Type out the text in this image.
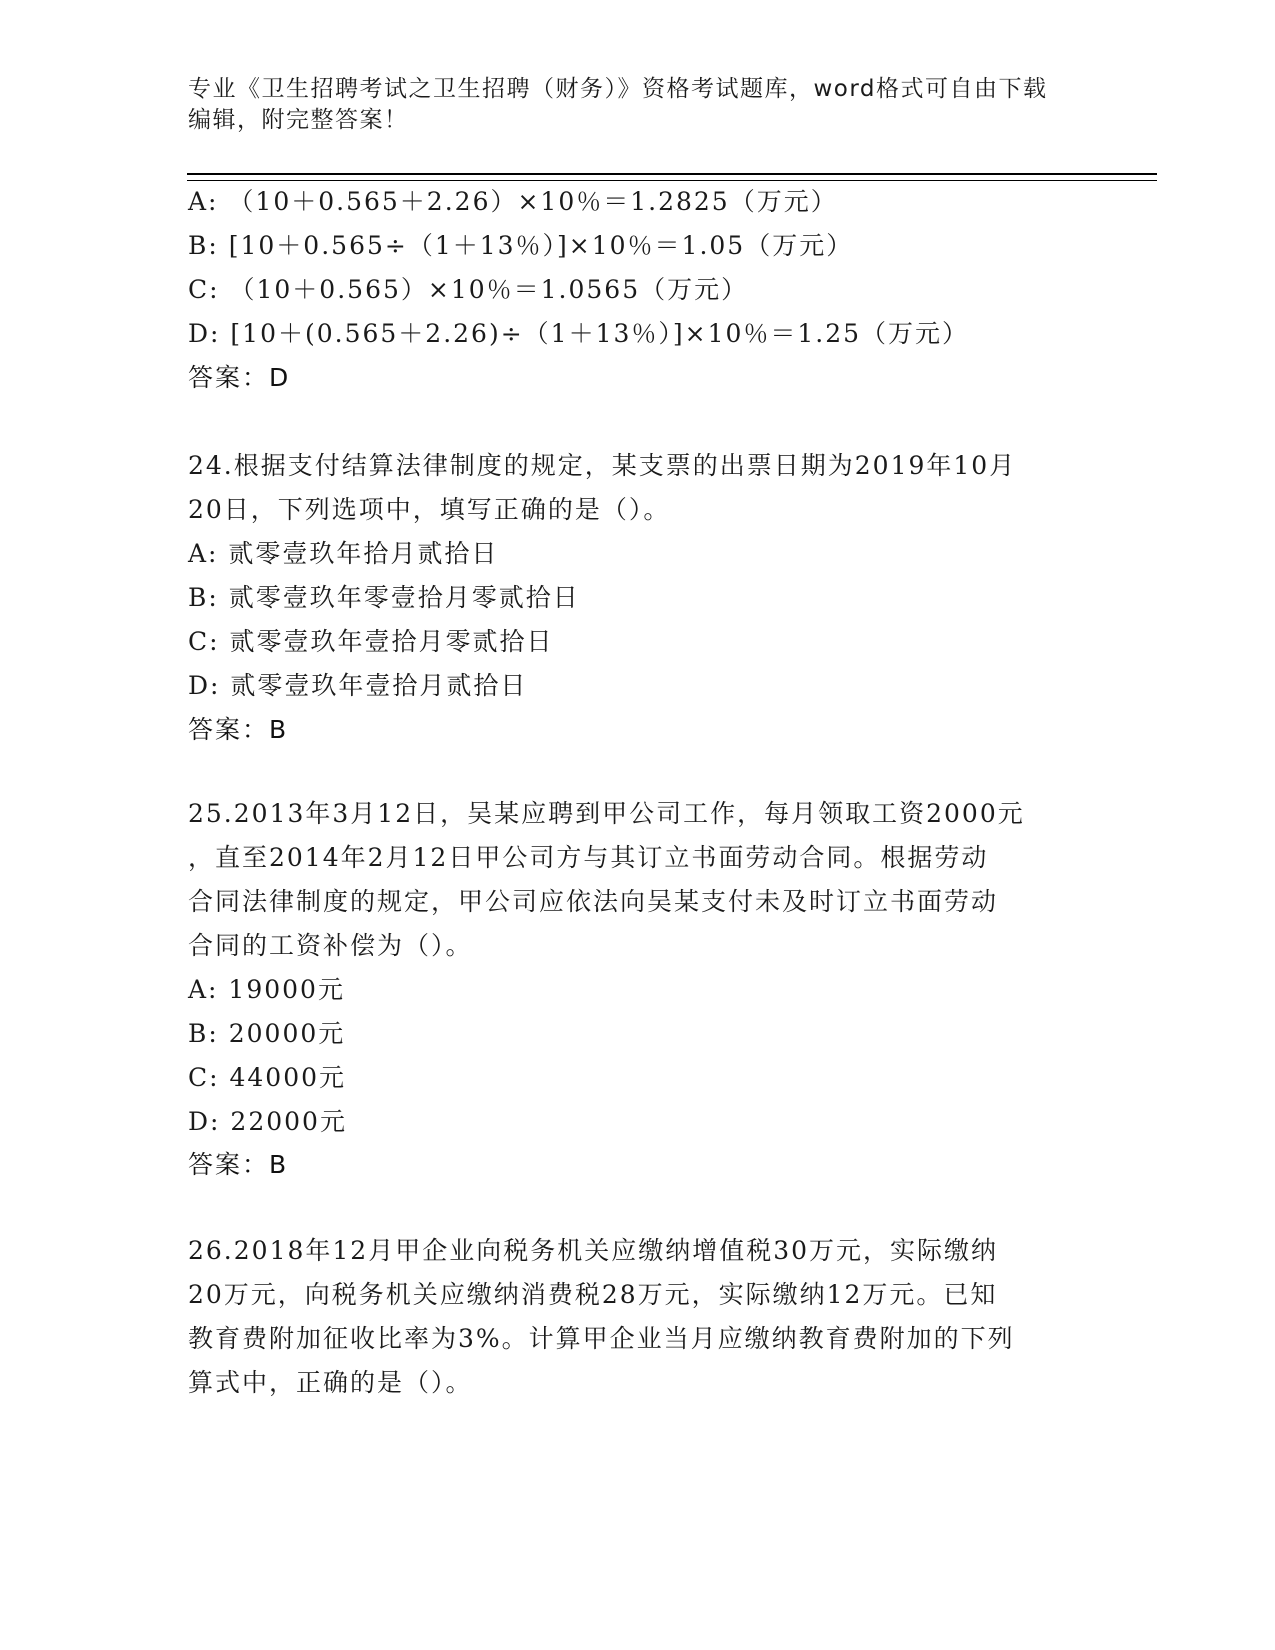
专业《卫生招聘考试之卫生招聘（财务）》资格考试题库，word格式可自由下载
编辑，附完整答案！
A: （10＋0.565＋2.26）×10％＝1.2825（万元）
B: [10＋0.565÷（1＋13％）]×10％＝1.05（万元）
C: （10＋0.565）×10％＝1.0565（万元）
D: [10＋(0.565＋2.26)÷（1＋13％）]×10％＝1.25（万元）
答案：D
24.根据支付结算法律制度的规定，某支票的出票日期为2019年10月
20日，下列选项中，填写正确的是（）。
A: 贰零壹玖年拾月贰拾日
B: 贰零壹玖年零壹拾月零贰拾日
C: 贰零壹玖年壹拾月零贰拾日
D: 贰零壹玖年壹拾月贰拾日
答案：B
25.2013年3月12日，吴某应聘到甲公司工作，每月领取工资2000元
，直至2014年2月12日甲公司方与其订立书面劳动合同。根据劳动
合同法律制度的规定，甲公司应依法向吴某支付未及时订立书面劳动
合同的工资补偿为（）。
A: 19000元
B: 20000元
C: 44000元
D: 22000元
答案：B
26.2018年12月甲企业向税务机关应缴纳增值税30万元，实际缴纳
20万元，向税务机关应缴纳消费税28万元，实际缴纳12万元。已知
教育费附加征收比率为3%。计算甲企业当月应缴纳教育费附加的下列
算式中，正确的是（）。
